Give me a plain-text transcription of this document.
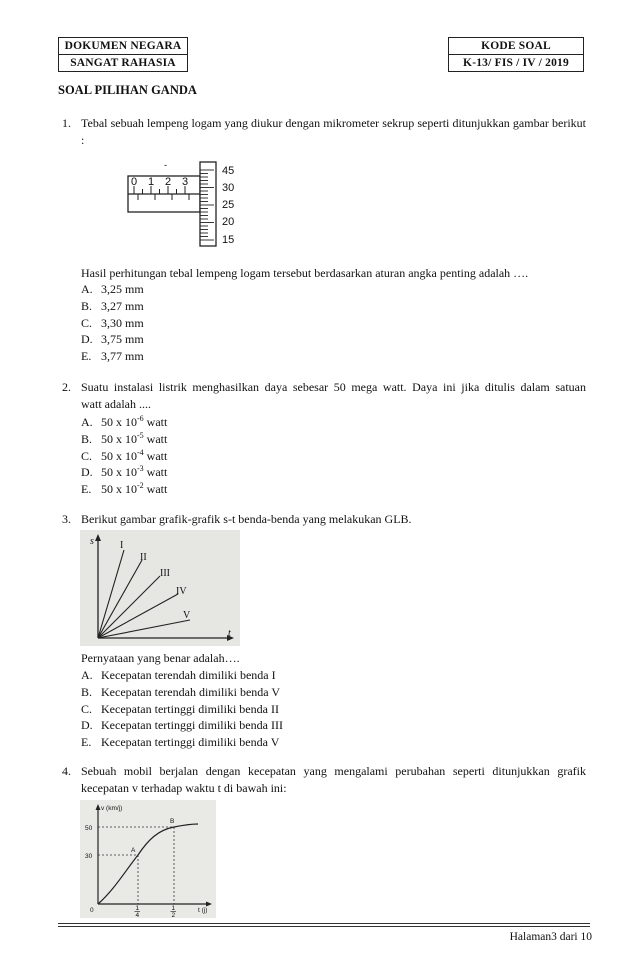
DOKUMEN NEGARA
SANGAT RAHASIA
KODE SOAL
K-13/ FIS / IV / 2019
SOAL PILIHAN GANDA
1. Tebal sebuah lempeng logam yang diukur dengan mikrometer sekrup seperti ditunjukkan gambar berikut :
-
0 1 2 3
45
30
25
20
15
Hasil perhitungan tebal lempeng logam tersebut berdasarkan aturan angka penting adalah ….
A. 3,25 mm
B. 3,27 mm
C. 3,30 mm
D. 3,75 mm
E. 3,77 mm
2. Suatu instalasi listrik menghasilkan daya sebesar 50 mega watt. Daya ini jika ditulis dalam satuan
watt adalah ....
A. 50 x $10^{-6}$ watt
B. 50 x $10^{-5}$ watt
C. 50 x $10^{-4}$ watt
D. 50 x $10^{-3}$ watt
E. 50 x $10^{-2}$ watt
3. Berikut gambar grafik-grafik s-t benda-benda yang melakukan GLB.
s
t
I
II
III
IV
V
Pernyataan yang benar adalah….
A. Kecepatan terendah dimiliki benda I
B. Kecepatan terendah dimiliki benda V
C. Kecepatan tertinggi dimiliki benda II
D. Kecepatan tertinggi dimiliki benda III
E. Kecepatan tertinggi dimiliki benda V
4. Sebuah mobil berjalan dengan kecepatan yang mengalami perubahan seperti ditunjukkan grafik kecepatan v terhadap waktu t di bawah ini:
v (km/j)
t (j)
50
30
0	1
4
1
2
A
B
Halaman3 dari 10
